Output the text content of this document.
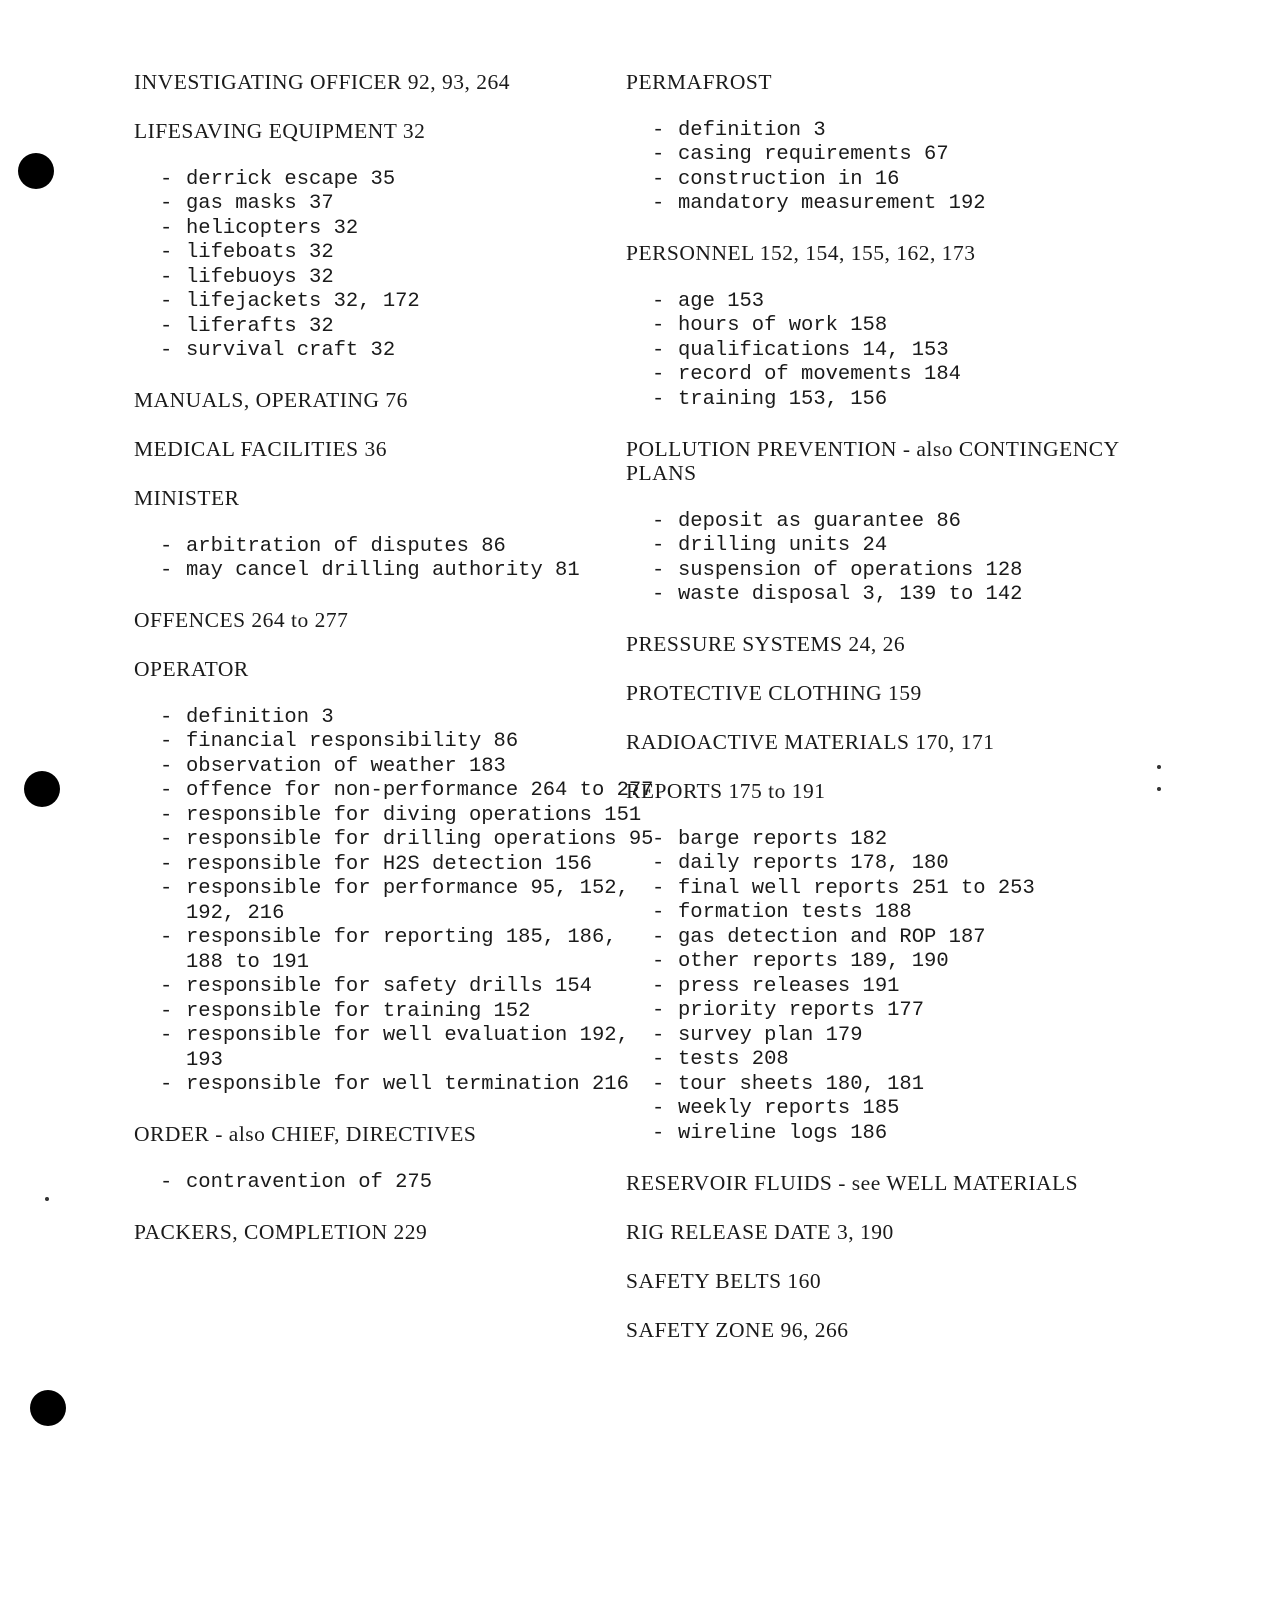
INVESTIGATING OFFICER 92, 93, 264

LIFESAVING EQUIPMENT 32

- derrick escape 35
- gas masks 37
- helicopters 32
- lifeboats 32
- lifebuoys 32
- lifejackets 32, 172
- liferafts 32
- survival craft 32

MANUALS, OPERATING 76

MEDICAL FACILITIES 36

MINISTER

- arbitration of disputes 86
- may cancel drilling authority 81

OFFENCES 264 to 277

OPERATOR

- definition 3
- financial responsibility 86
- observation of weather 183
- offence for non-performance 264 to 277
- responsible for diving operations 151
- responsible for drilling operations 95
- responsible for H2S detection 156
- responsible for performance 95, 152, 192, 216
- responsible for reporting 185, 186, 188 to 191
- responsible for safety drills 154
- responsible for training 152
- responsible for well evaluation 192, 193
- responsible for well termination 216

ORDER - also CHIEF, DIRECTIVES

- contravention of 275

PACKERS, COMPLETION 229

PERMAFROST

- definition 3
- casing requirements 67
- construction in 16
- mandatory measurement 192

PERSONNEL 152, 154, 155, 162, 173

- age 153
- hours of work 158
- qualifications 14, 153
- record of movements 184
- training 153, 156

POLLUTION PREVENTION - also CONTINGENCY PLANS

- deposit as guarantee 86
- drilling units 24
- suspension of operations 128
- waste disposal 3, 139 to 142

PRESSURE SYSTEMS 24, 26

PROTECTIVE CLOTHING 159

RADIOACTIVE MATERIALS 170, 171

REPORTS 175 to 191

- barge reports 182
- daily reports 178, 180
- final well reports 251 to 253
- formation tests 188
- gas detection and ROP 187
- other reports 189, 190
- press releases 191
- priority reports 177
- survey plan 179
- tests 208
- tour sheets 180, 181
- weekly reports 185
- wireline logs 186

RESERVOIR FLUIDS - see WELL MATERIALS

RIG RELEASE DATE 3, 190

SAFETY BELTS 160

SAFETY ZONE 96, 266
